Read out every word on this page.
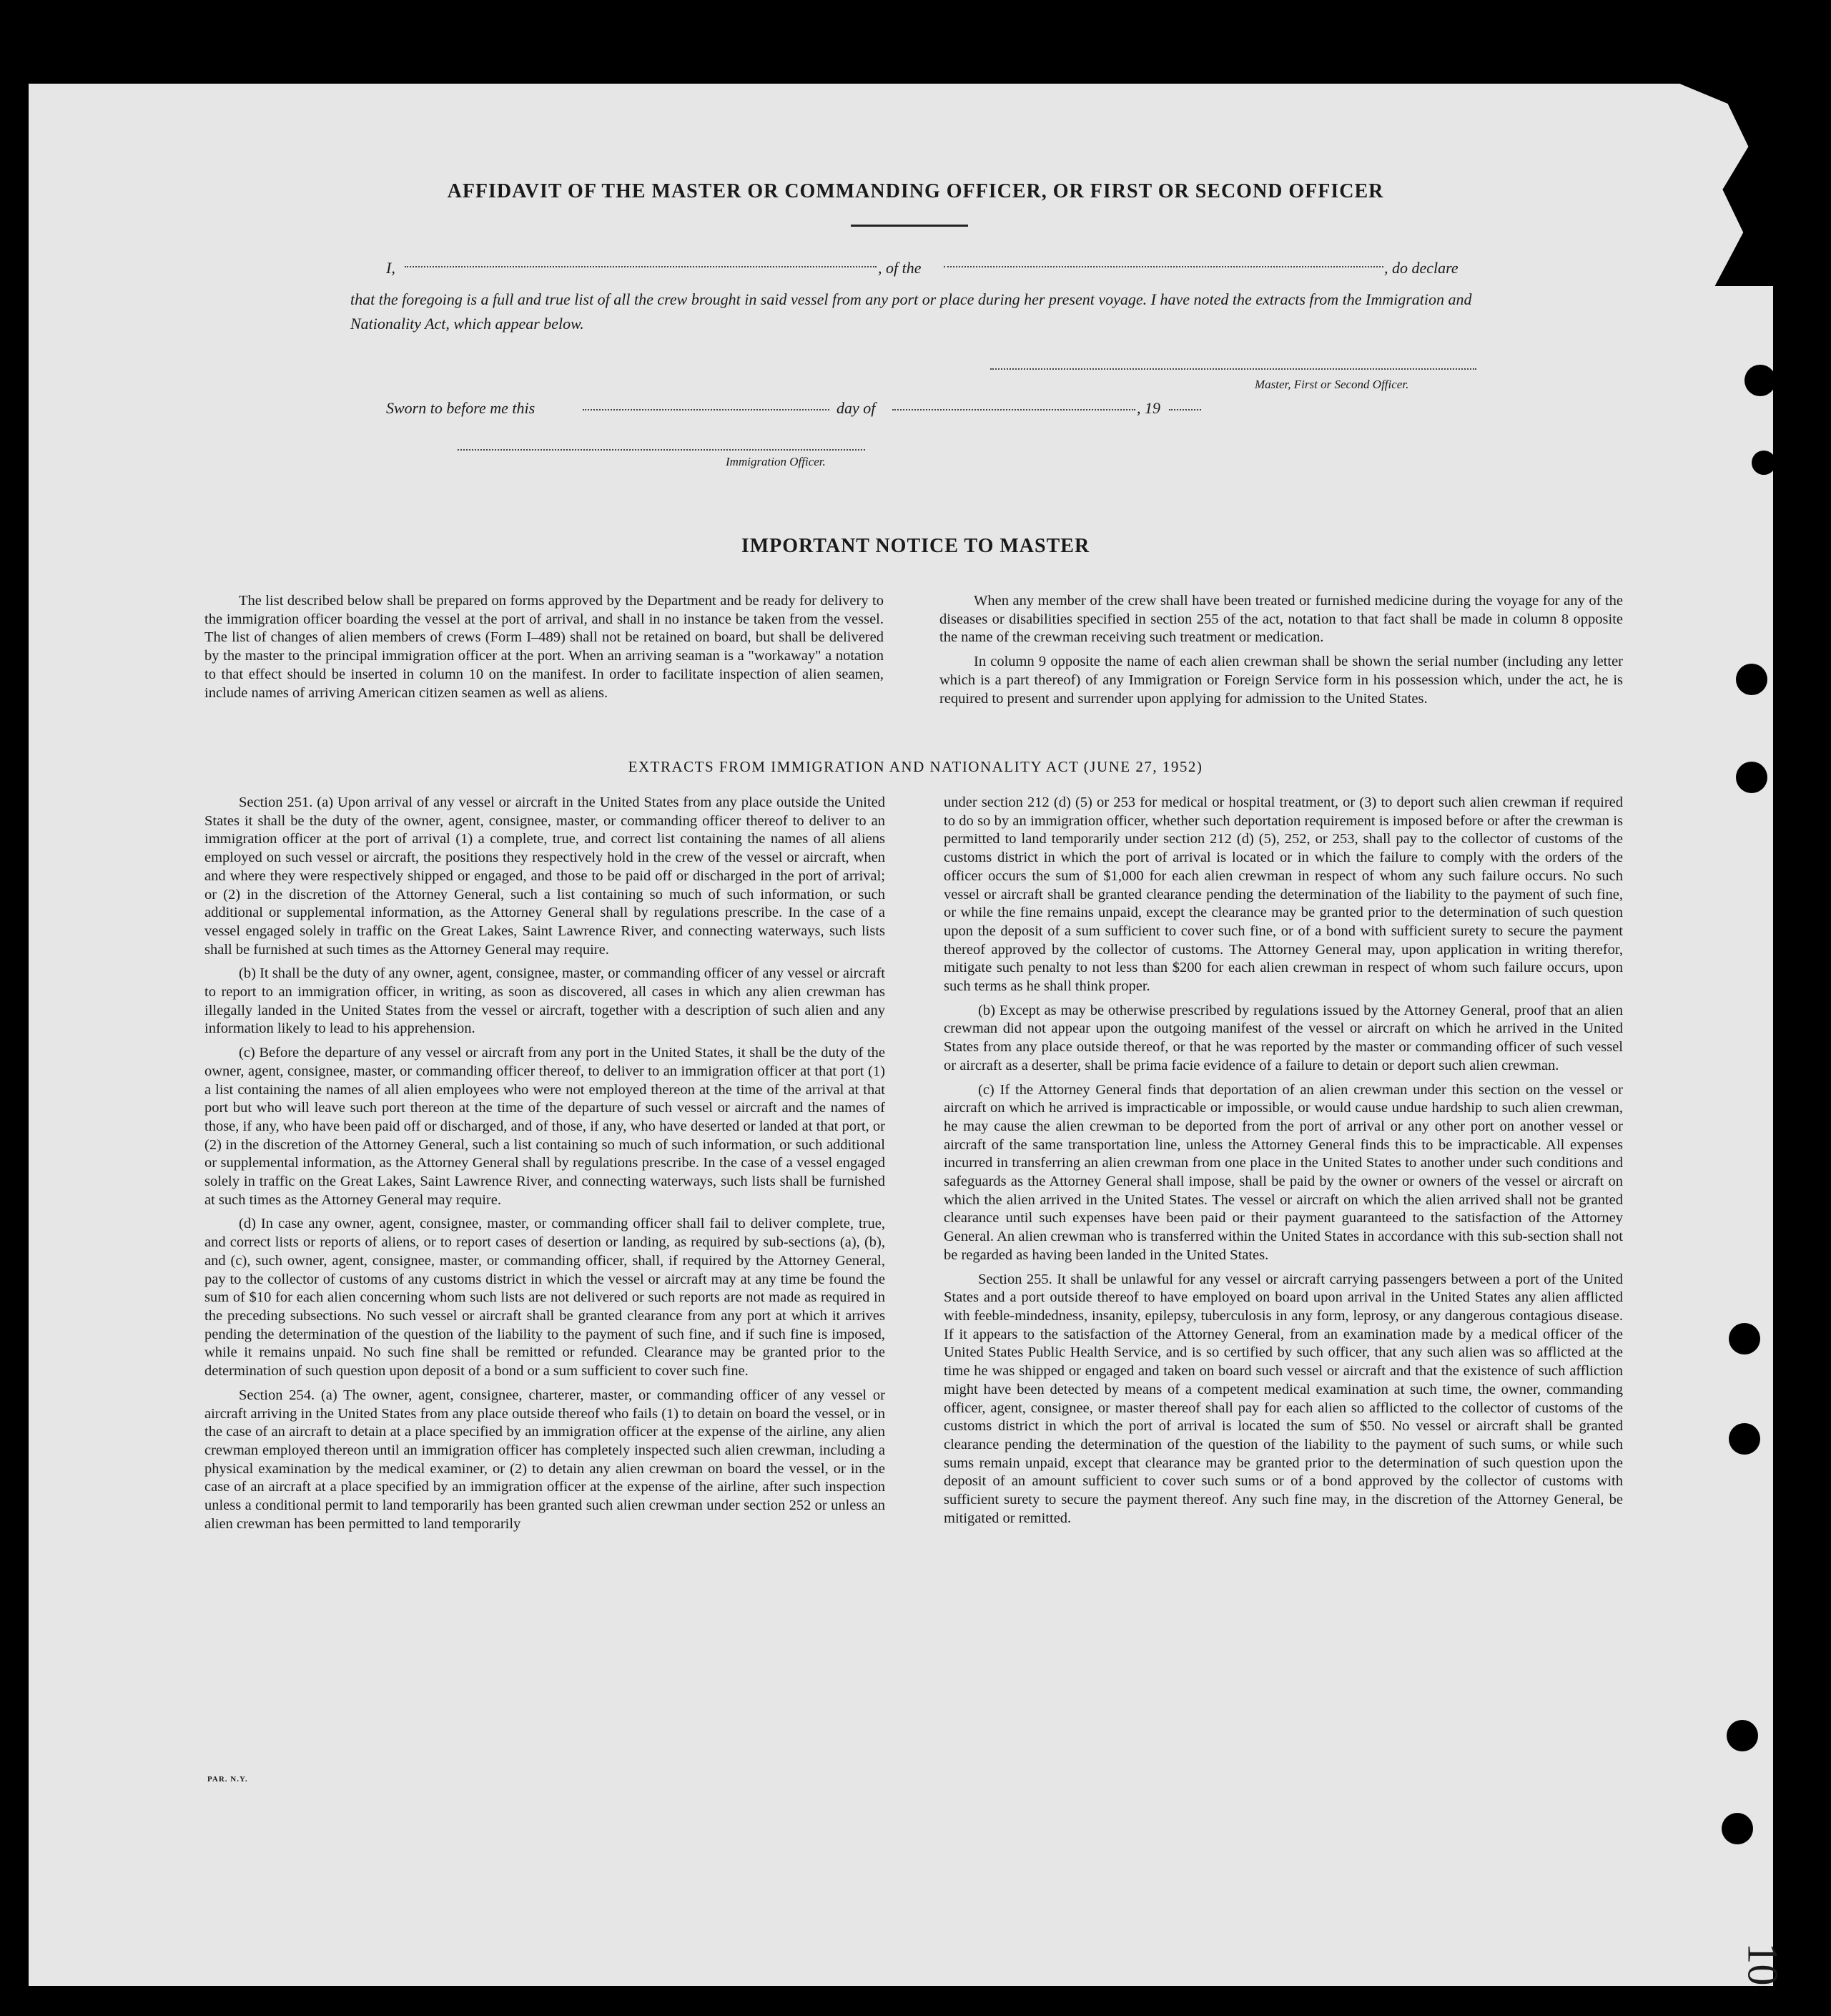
AFFIDAVIT OF THE MASTER OR COMMANDING OFFICER, OR FIRST OR SECOND OFFICER
I,	, of the	, do declare
that the foregoing is a full and true list of all the crew brought in said vessel from any port or place during her present voyage. I have noted the extracts from the Immigration and Nationality Act, which appear below.
Master, First or Second Officer.
Sworn to before me this	day of	, 19
Immigration Officer.
IMPORTANT NOTICE TO MASTER

The list described below shall be prepared on forms approved by the Department and be ready for delivery to the immigration officer boarding the vessel at the port of arrival, and shall in no instance be taken from the vessel. The list of changes of alien members of crews (Form I–489) shall not be retained on board, but shall be delivered by the master to the principal immigration officer at the port. When an arriving seaman is a "workaway" a notation to that effect should be inserted in column 10 on the manifest. In order to facilitate inspection of alien seamen, include names of arriving American citizen seamen as well as aliens.

When any member of the crew shall have been treated or furnished medicine during the voyage for any of the diseases or disabilities specified in section 255 of the act, notation to that fact shall be made in column 8 opposite the name of the crewman receiving such treatment or medication.

In column 9 opposite the name of each alien crewman shall be shown the serial number (including any letter which is a part thereof) of any Immigration or Foreign Service form in his possession which, under the act, he is required to present and surrender upon applying for admission to the United States.

EXTRACTS FROM IMMIGRATION AND NATIONALITY ACT (JUNE 27, 1952)

Section 251. (a) Upon arrival of any vessel or aircraft in the United States from any place outside the United States it shall be the duty of the owner, agent, consignee, master, or commanding officer thereof to deliver to an immigration officer at the port of arrival (1) a complete, true, and correct list containing the names of all aliens employed on such vessel or aircraft, the positions they respectively hold in the crew of the vessel or aircraft, when and where they were respectively shipped or engaged, and those to be paid off or discharged in the port of arrival; or (2) in the discretion of the Attorney General, such a list containing so much of such information, or such additional or supplemental information, as the Attorney General shall by regulations prescribe. In the case of a vessel engaged solely in traffic on the Great Lakes, Saint Lawrence River, and connecting waterways, such lists shall be furnished at such times as the Attorney General may require.

(b) It shall be the duty of any owner, agent, consignee, master, or commanding officer of any vessel or aircraft to report to an immigration officer, in writing, as soon as discovered, all cases in which any alien crewman has illegally landed in the United States from the vessel or aircraft, together with a description of such alien and any information likely to lead to his apprehension.

(c) Before the departure of any vessel or aircraft from any port in the United States, it shall be the duty of the owner, agent, consignee, master, or commanding officer thereof, to deliver to an immigration officer at that port (1) a list containing the names of all alien employees who were not employed thereon at the time of the arrival at that port but who will leave such port thereon at the time of the departure of such vessel or aircraft and the names of those, if any, who have been paid off or discharged, and of those, if any, who have deserted or landed at that port, or (2) in the discretion of the Attorney General, such a list containing so much of such information, or such additional or supplemental information, as the Attorney General shall by regulations prescribe. In the case of a vessel engaged solely in traffic on the Great Lakes, Saint Lawrence River, and connecting waterways, such lists shall be furnished at such times as the Attorney General may require.

(d) In case any owner, agent, consignee, master, or commanding officer shall fail to deliver complete, true, and correct lists or reports of aliens, or to report cases of desertion or landing, as required by sub-sections (a), (b), and (c), such owner, agent, consignee, master, or commanding officer, shall, if required by the Attorney General, pay to the collector of customs of any customs district in which the vessel or aircraft may at any time be found the sum of $10 for each alien concerning whom such lists are not delivered or such reports are not made as required in the preceding subsections. No such vessel or aircraft shall be granted clearance from any port at which it arrives pending the determination of the question of the liability to the payment of such fine, and if such fine is imposed, while it remains unpaid. No such fine shall be remitted or refunded. Clearance may be granted prior to the determination of such question upon deposit of a bond or a sum sufficient to cover such fine.

Section 254. (a) The owner, agent, consignee, charterer, master, or commanding officer of any vessel or aircraft arriving in the United States from any place outside thereof who fails (1) to detain on board the vessel, or in the case of an aircraft to detain at a place specified by an immigration officer at the expense of the airline, any alien crewman employed thereon until an immigration officer has completely inspected such alien crewman, including a physical examination by the medical examiner, or (2) to detain any alien crewman on board the vessel, or in the case of an aircraft at a place specified by an immigration officer at the expense of the airline, after such inspection unless a conditional permit to land temporarily has been granted such alien crewman under section 252 or unless an alien crewman has been permitted to land temporarily

under section 212 (d) (5) or 253 for medical or hospital treatment, or (3) to deport such alien crewman if required to do so by an immigration officer, whether such deportation requirement is imposed before or after the crewman is permitted to land temporarily under section 212 (d) (5), 252, or 253, shall pay to the collector of customs of the customs district in which the port of arrival is located or in which the failure to comply with the orders of the officer occurs the sum of $1,000 for each alien crewman in respect of whom any such failure occurs. No such vessel or aircraft shall be granted clearance pending the determination of the liability to the payment of such fine, or while the fine remains unpaid, except the clearance may be granted prior to the determination of such question upon the deposit of a sum sufficient to cover such fine, or of a bond with sufficient surety to secure the payment thereof approved by the collector of customs. The Attorney General may, upon application in writing therefor, mitigate such penalty to not less than $200 for each alien crewman in respect of whom such failure occurs, upon such terms as he shall think proper.

(b) Except as may be otherwise prescribed by regulations issued by the Attorney General, proof that an alien crewman did not appear upon the outgoing manifest of the vessel or aircraft on which he arrived in the United States from any place outside thereof, or that he was reported by the master or commanding officer of such vessel or aircraft as a deserter, shall be prima facie evidence of a failure to detain or deport such alien crewman.

(c) If the Attorney General finds that deportation of an alien crewman under this section on the vessel or aircraft on which he arrived is impracticable or impossible, or would cause undue hardship to such alien crewman, he may cause the alien crewman to be deported from the port of arrival or any other port on another vessel or aircraft of the same transportation line, unless the Attorney General finds this to be impracticable. All expenses incurred in transferring an alien crewman from one place in the United States to another under such conditions and safeguards as the Attorney General shall impose, shall be paid by the owner or owners of the vessel or aircraft on which the alien arrived in the United States. The vessel or aircraft on which the alien arrived shall not be granted clearance until such expenses have been paid or their payment guaranteed to the satisfaction of the Attorney General. An alien crewman who is transferred within the United States in accordance with this sub-section shall not be regarded as having been landed in the United States.

Section 255. It shall be unlawful for any vessel or aircraft carrying passengers between a port of the United States and a port outside thereof to have employed on board upon arrival in the United States any alien afflicted with feeble-mindedness, insanity, epilepsy, tuberculosis in any form, leprosy, or any dangerous contagious disease. If it appears to the satisfaction of the Attorney General, from an examination made by a medical officer of the United States Public Health Service, and is so certified by such officer, that any such alien was so afflicted at the time he was shipped or engaged and taken on board such vessel or aircraft and that the existence of such affliction might have been detected by means of a competent medical examination at such time, the owner, commanding officer, agent, consignee, or master thereof shall pay for each alien so afflicted to the collector of customs of the customs district in which the port of arrival is located the sum of $50. No vessel or aircraft shall be granted clearance pending the determination of the question of the liability to the payment of such sums, or while such sums remain unpaid, except that clearance may be granted prior to the determination of such question upon the deposit of an amount sufficient to cover such sums or of a bond approved by the collector of customs with sufficient surety to secure the payment thereof. Any such fine may, in the discretion of the Attorney General, be mitigated or remitted.

PAR. N.Y.
10
